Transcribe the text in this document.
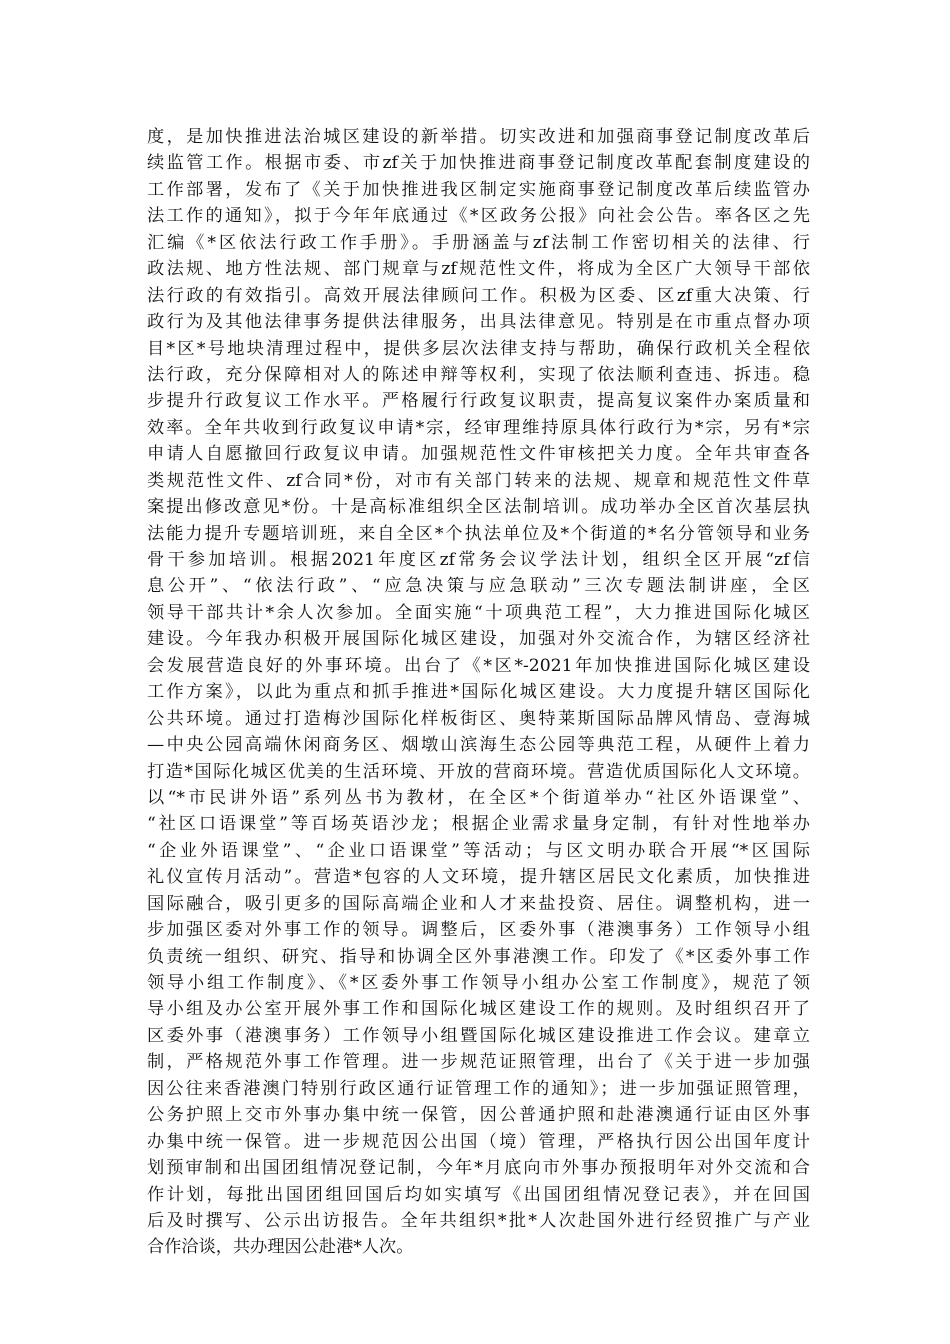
度，是加快推进法治城区建设的新举措。切实改进和加强商事登记制度改革后
续监管工作。根据市委、市zf关于加快推进商事登记制度改革配套制度建设的
工作部署，发布了《关于加快推进我区制定实施商事登记制度改革后续监管办
法工作的通知》，拟于今年年底通过《*区政务公报》向社会公告。率各区之先
汇编《*区依法行政工作手册》。手册涵盖与zf法制工作密切相关的法律、行
政法规、地方性法规、部门规章与zf规范性文件，将成为全区广大领导干部依
法行政的有效指引。高效开展法律顾问工作。积极为区委、区zf重大决策、行
政行为及其他法律事务提供法律服务，出具法律意见。特别是在市重点督办项
目*区*号地块清理过程中，提供多层次法律支持与帮助，确保行政机关全程依
法行政，充分保障相对人的陈述申辩等权利，实现了依法顺利查违、拆违。稳
步提升行政复议工作水平。严格履行行政复议职责，提高复议案件办案质量和
效率。全年共收到行政复议申请*宗，经审理维持原具体行政行为*宗，另有*宗
申请人自愿撤回行政复议申请。加强规范性文件审核把关力度。全年共审查各
类规范性文件、zf合同*份，对市有关部门转来的法规、规章和规范性文件草
案提出修改意见*份。十是高标准组织全区法制培训。成功举办全区首次基层执
法能力提升专题培训班，来自全区*个执法单位及*个街道的*名分管领导和业务
骨干参加培训。根据2021年度区zf常务会议学法计划，组织全区开展“zf信
息公开”、“依法行政”、“应急决策与应急联动”三次专题法制讲座，全区
领导干部共计*余人次参加。全面实施“十项典范工程”，大力推进国际化城区
建设。今年我办积极开展国际化城区建设，加强对外交流合作，为辖区经济社
会发展营造良好的外事环境。出台了《*区*-2021年加快推进国际化城区建设
工作方案》，以此为重点和抓手推进*国际化城区建设。大力度提升辖区国际化
公共环境。通过打造梅沙国际化样板街区、奥特莱斯国际品牌风情岛、壹海城
—中央公园高端休闲商务区、烟墩山滨海生态公园等典范工程，从硬件上着力
打造*国际化城区优美的生活环境、开放的营商环境。营造优质国际化人文环境。
以“*市民讲外语”系列丛书为教材，在全区*个街道举办“社区外语课堂”、
“社区口语课堂”等百场英语沙龙；根据企业需求量身定制，有针对性地举办
“企业外语课堂”、“企业口语课堂”等活动；与区文明办联合开展“*区国际
礼仪宣传月活动”。营造*包容的人文环境，提升辖区居民文化素质，加快推进
国际融合，吸引更多的国际高端企业和人才来盐投资、居住。调整机构，进一
步加强区委对外事工作的领导。调整后，区委外事（港澳事务）工作领导小组
负责统一组织、研究、指导和协调全区外事港澳工作。印发了《*区委外事工作
领导小组工作制度》、《*区委外事工作领导小组办公室工作制度》，规范了领
导小组及办公室开展外事工作和国际化城区建设工作的规则。及时组织召开了
区委外事（港澳事务）工作领导小组暨国际化城区建设推进工作会议。建章立
制，严格规范外事工作管理。进一步规范证照管理，出台了《关于进一步加强
因公往来香港澳门特别行政区通行证管理工作的通知》；进一步加强证照管理，
公务护照上交市外事办集中统一保管，因公普通护照和赴港澳通行证由区外事
办集中统一保管。进一步规范因公出国（境）管理，严格执行因公出国年度计
划预审制和出国团组情况登记制，今年*月底向市外事办预报明年对外交流和合
作计划，每批出国团组回国后均如实填写《出国团组情况登记表》，并在回国
后及时撰写、公示出访报告。全年共组织*批*人次赴国外进行经贸推广与产业
合作洽谈，共办理因公赴港*人次。
